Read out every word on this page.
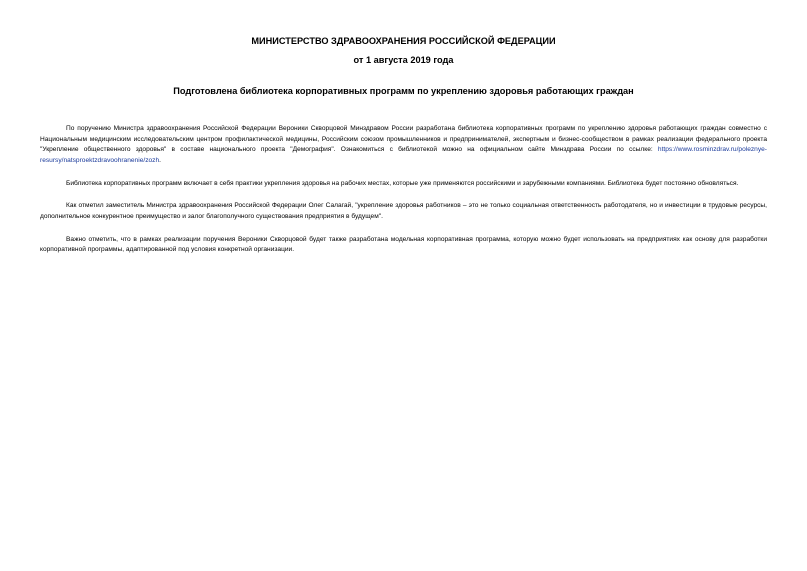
МИНИСТЕРСТВО ЗДРАВООХРАНЕНИЯ РОССИЙСКОЙ ФЕДЕРАЦИИ
от 1 августа 2019 года
Подготовлена библиотека корпоративных программ по укреплению здоровья работающих граждан

По поручению Министра здравоохранения Российской Федерации Вероники Скворцовой Минздравом России разработана библиотека корпоративных программ по укреплению здоровья работающих граждан совместно с Национальным медицинским исследовательским центром профилактической медицины, Российским союзом промышленников и предпринимателей, экспертным и бизнес-сообществом в рамках реализации федерального проекта "Укрепление общественного здоровья" в составе национального проекта "Демография". Ознакомиться с библиотекой можно на официальном сайте Минздрава России по ссылке: https://www.rosminzdrav.ru/poleznye-resursy/natsproektzdravoohranenie/zozh.

Библиотека корпоративных программ включает в себя практики укрепления здоровья на рабочих местах, которые уже применяются российскими и зарубежными компаниями. Библиотека будет постоянно обновляться.

Как отметил заместитель Министра здравоохранения Российской Федерации Олег Салагай, "укрепление здоровья работников – это не только социальная ответственность работодателя, но и инвестиции в трудовые ресурсы, дополнительное конкурентное преимущество и залог благополучного существования предприятия в будущем".

Важно отметить, что в рамках реализации поручения Вероники Скворцовой будет также разработана модельная корпоративная программа, которую можно будет использовать на предприятиях как основу для разработки корпоративной программы, адаптированной под условия конкретной организации.
